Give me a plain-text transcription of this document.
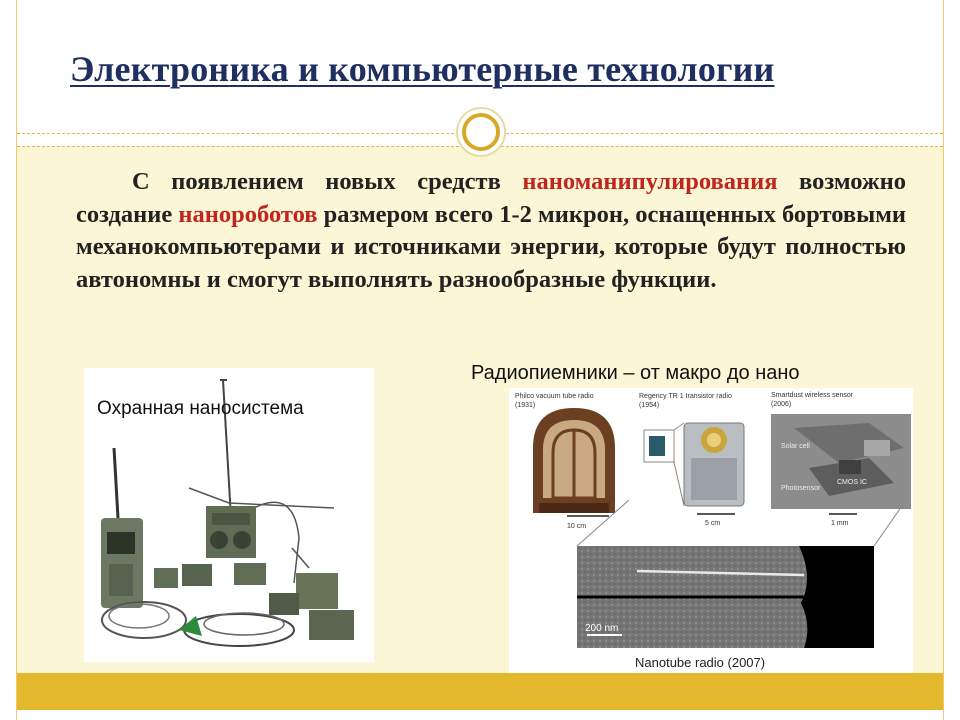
Электроника и компьютерные технологии

С появлением новых средств наноманипулирования возможно создание нанороботов размером всего 1-2 микрон, оснащенных бортовыми механокомпьютерами и источниками энергии, которые будут полностью автономны и смогут выполнять разнообразные функции.

Охранная наносистема

Радиопиемники – от макро до нано

Philco vacuum tube radio
(1931)
Regency TR 1 transistor radio
(1954)
Smartdust wireless sensor
(2006)
10 cm	5 cm
Solar cell
Photosensor
CMOS IC
1 mm
200 nm
Nanotube radio (2007)
